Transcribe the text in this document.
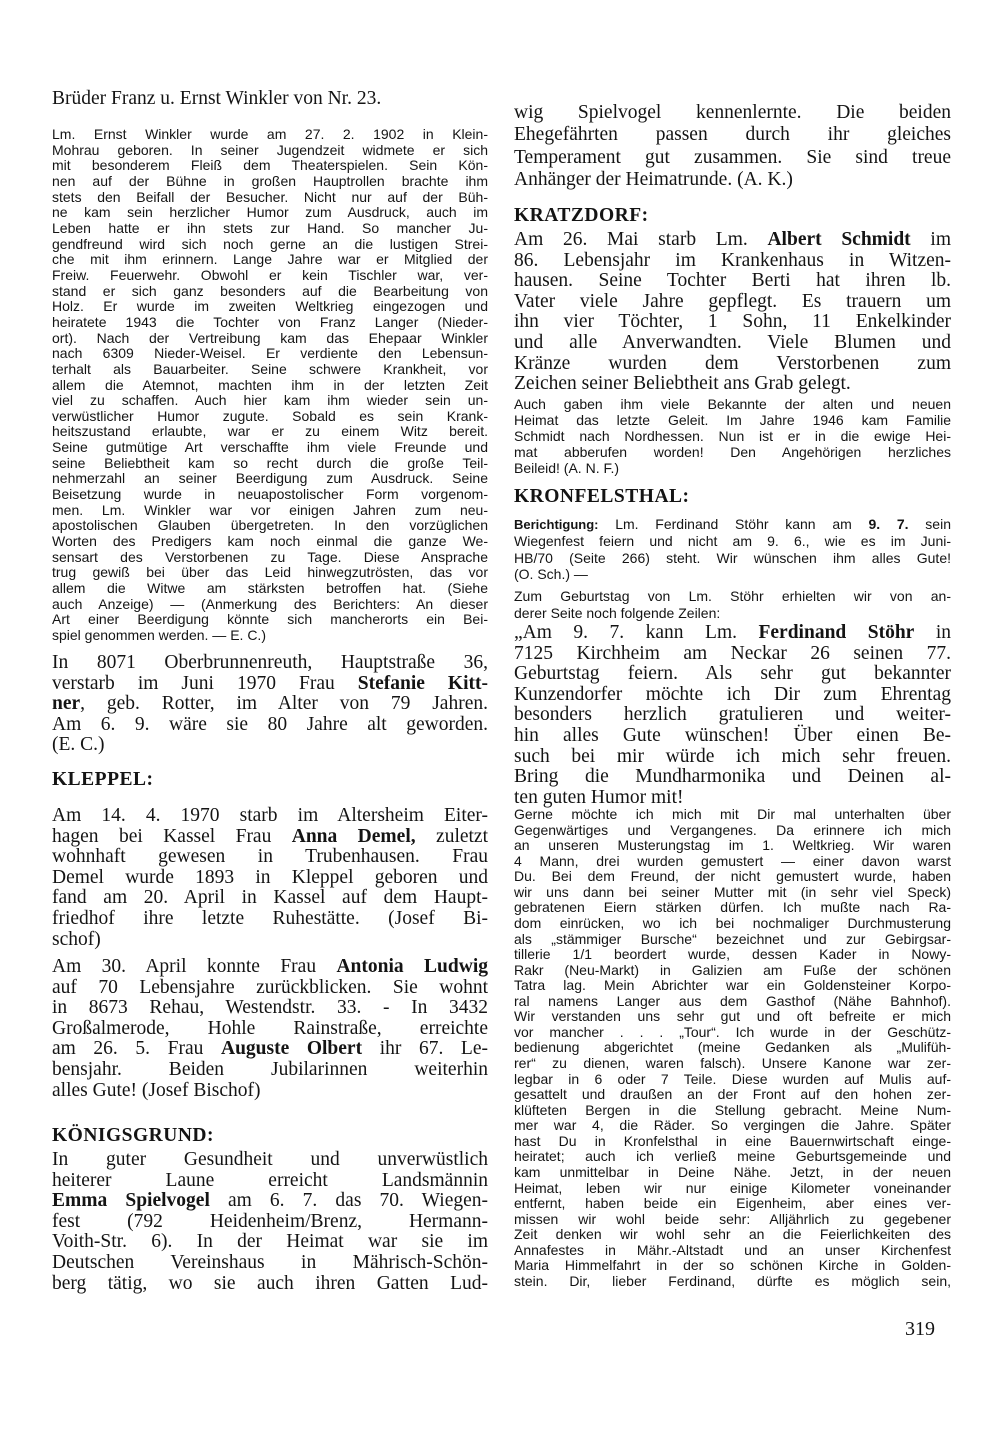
Brüder Franz u. Ernst Winkler von Nr. 23.
Lm. Ernst Winkler wurde am 27. 2. 1902 in Klein-
Mohrau geboren. In seiner Jugendzeit widmete er sich
mit besonderem Fleiß dem Theaterspielen. Sein Kön-
nen auf der Bühne in großen Hauptrollen brachte ihm
stets den Beifall der Besucher. Nicht nur auf der Büh-
ne kam sein herzlicher Humor zum Ausdruck, auch im
Leben hatte er ihn stets zur Hand. So mancher Ju-
gendfreund wird sich noch gerne an die lustigen Strei-
che mit ihm erinnern. Lange Jahre war er Mitglied der
Freiw. Feuerwehr. Obwohl er kein Tischler war, ver-
stand er sich ganz besonders auf die Bearbeitung von
Holz. Er wurde im zweiten Weltkrieg eingezogen und
heiratete 1943 die Tochter von Franz Langer (Nieder-
ort). Nach der Vertreibung kam das Ehepaar Winkler
nach 6309 Nieder-Weisel. Er verdiente den Lebensun-
terhalt als Bauarbeiter. Seine schwere Krankheit, vor
allem die Atemnot, machten ihm in der letzten Zeit
viel zu schaffen. Auch hier kam ihm wieder sein un-
verwüstlicher Humor zugute. Sobald es sein Krank-
heitszustand erlaubte, war er zu einem Witz bereit.
Seine gutmütige Art verschaffte ihm viele Freunde und
seine Beliebtheit kam so recht durch die große Teil-
nehmerzahl an seiner Beerdigung zum Ausdruck. Seine
Beisetzung wurde in neuapostolischer Form vorgenom-
men. Lm. Winkler war vor einigen Jahren zum neu-
apostolischen Glauben übergetreten. In den vorzüglichen
Worten des Predigers kam noch einmal die ganze We-
sensart des Verstorbenen zu Tage. Diese Ansprache
trug gewiß bei über das Leid hinwegzutrösten, das vor
allem die Witwe am stärksten betroffen hat. (Siehe
auch Anzeige) — (Anmerkung des Berichters: An dieser
Art einer Beerdigung könnte sich mancherorts ein Bei-
spiel genommen werden. — E. C.)
In 8071 Oberbrunnenreuth, Hauptstraße 36,
verstarb im Juni 1970 Frau Stefanie Kitt-
ner, geb. Rotter, im Alter von 79 Jahren.
Am 6. 9. wäre sie 80 Jahre alt geworden.
(E. C.)
KLEPPEL:
Am 14. 4. 1970 starb im Altersheim Eiter-
hagen bei Kassel Frau Anna Demel, zuletzt
wohnhaft gewesen in Trubenhausen. Frau
Demel wurde 1893 in Kleppel geboren und
fand am 20. April in Kassel auf dem Haupt-
friedhof ihre letzte Ruhestätte. (Josef Bi-
schof)
Am 30. April konnte Frau Antonia Ludwig
auf 70 Lebensjahre zurückblicken. Sie wohnt
in 8673 Rehau, Westendstr. 33. - In 3432
Großalmerode, Hohle Rainstraße, erreichte
am 26. 5. Frau Auguste Olbert ihr 67. Le-
bensjahr. Beiden Jubilarinnen weiterhin
alles Gute! (Josef Bischof)
KÖNIGSGRUND:
In guter Gesundheit und unverwüstlich
heiterer Laune erreicht Landsmännin
Emma Spielvogel am 6. 7. das 70. Wiegen-
fest (792 Heidenheim/Brenz, Hermann-
Voith-Str. 6). In der Heimat war sie im
Deutschen Vereinshaus in Mährisch-Schön-
berg tätig, wo sie auch ihren Gatten Lud-
wig Spielvogel kennenlernte. Die beiden
Ehegefährten passen durch ihr gleiches
Temperament gut zusammen. Sie sind treue
Anhänger der Heimatrunde. (A. K.)
KRATZDORF:
Am 26. Mai starb Lm. Albert Schmidt im
86. Lebensjahr im Krankenhaus in Witzen-
hausen. Seine Tochter Berti hat ihren lb.
Vater viele Jahre gepflegt. Es trauern um
ihn vier Töchter, 1 Sohn, 11 Enkelkinder
und alle Anverwandten. Viele Blumen und
Kränze wurden dem Verstorbenen zum
Zeichen seiner Beliebtheit ans Grab gelegt.
Auch gaben ihm viele Bekannte der alten und neuen
Heimat das letzte Geleit. Im Jahre 1946 kam Familie
Schmidt nach Nordhessen. Nun ist er in die ewige Hei-
mat abberufen worden! Den Angehörigen herzliches
Beileid! (A. N. F.)
KRONFELSTHAL:
Berichtigung: Lm. Ferdinand Stöhr kann am 9. 7. sein
Wiegenfest feiern und nicht am 9. 6., wie es im Juni-
HB/70 (Seite 266) steht. Wir wünschen ihm alles Gute!
(O. Sch.) —
Zum Geburtstag von Lm. Stöhr erhielten wir von an-
derer Seite noch folgende Zeilen:
„Am 9. 7. kann Lm. Ferdinand Stöhr in
7125 Kirchheim am Neckar 26 seinen 77.
Geburtstag feiern. Als sehr gut bekannter
Kunzendorfer möchte ich Dir zum Ehrentag
besonders herzlich gratulieren und weiter-
hin alles Gute wünschen! Über einen Be-
such bei mir würde ich mich sehr freuen.
Bring die Mundharmonika und Deinen al-
ten guten Humor mit!
Gerne möchte ich mich mit Dir mal unterhalten über
Gegenwärtiges und Vergangenes. Da erinnere ich mich
an unseren Musterungstag im 1. Weltkrieg. Wir waren
4 Mann, drei wurden gemustert — einer davon warst
Du. Bei dem Freund, der nicht gemustert wurde, haben
wir uns dann bei seiner Mutter mit (in sehr viel Speck)
gebratenen Eiern stärken dürfen. Ich mußte nach Ra-
dom einrücken, wo ich bei nochmaliger Durchmusterung
als „stämmiger Bursche“ bezeichnet und zur Gebirgsar-
tillerie 1/1 beordert wurde, dessen Kader in Nowy-
Rakr (Neu-Markt) in Galizien am Fuße der schönen
Tatra lag. Mein Abrichter war ein Goldensteiner Korpo-
ral namens Langer aus dem Gasthof (Nähe Bahnhof).
Wir verstanden uns sehr gut und oft befreite er mich
vor mancher . . . „Tour“. Ich wurde in der Geschütz-
bedienung abgerichtet (meine Gedanken als „Mulifüh-
rer“ zu dienen, waren falsch). Unsere Kanone war zer-
legbar in 6 oder 7 Teile. Diese wurden auf Mulis auf-
gesattelt und draußen an der Front auf den hohen zer-
klüfteten Bergen in die Stellung gebracht. Meine Num-
mer war 4, die Räder. So vergingen die Jahre. Später
hast Du in Kronfelsthal in eine Bauernwirtschaft einge-
heiratet; auch ich verließ meine Geburtsgemeinde und
kam unmittelbar in Deine Nähe. Jetzt, in der neuen
Heimat, leben wir nur einige Kilometer voneinander
entfernt, haben beide ein Eigenheim, aber eines ver-
missen wir wohl beide sehr: Alljährlich zu gegebener
Zeit denken wir wohl sehr an die Feierlichkeiten des
Annafestes in Mähr.-Altstadt und an unser Kirchenfest
Maria Himmelfahrt in der so schönen Kirche in Golden-
stein. Dir, lieber Ferdinand, dürfte es möglich sein,
319
